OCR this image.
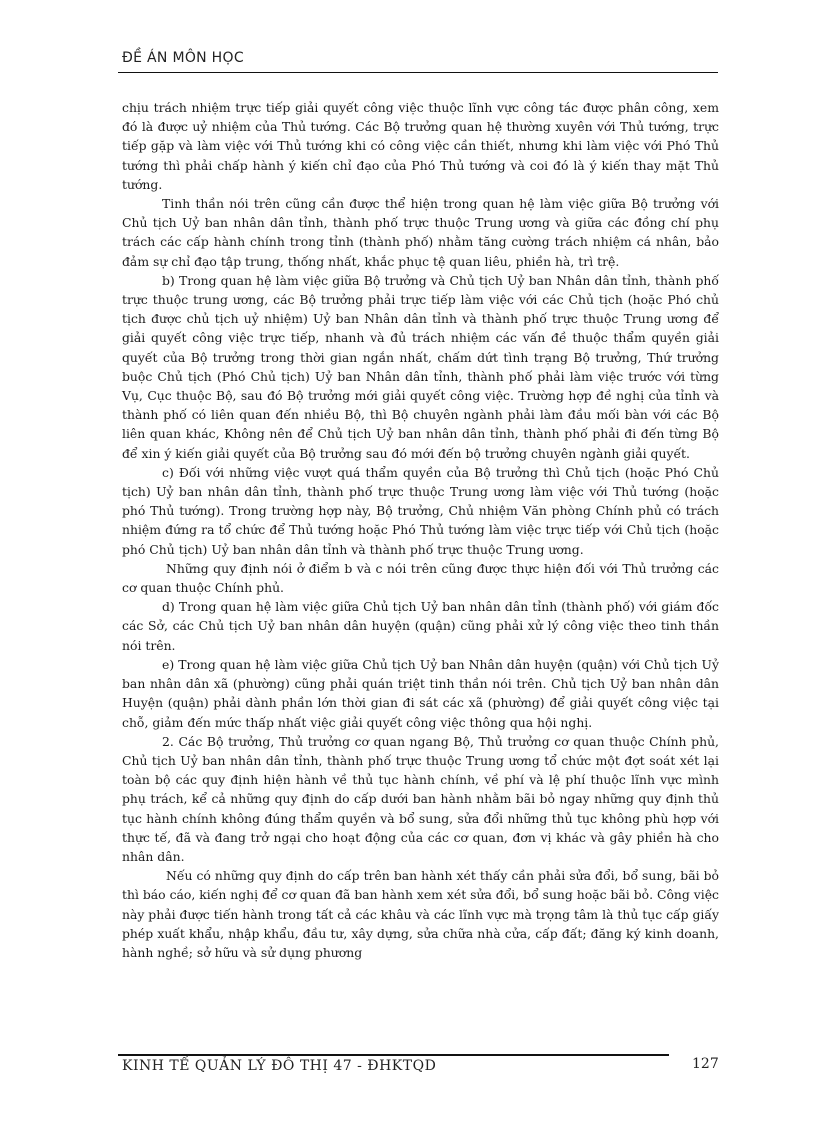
ĐỀ ÁN MÔN HỌC

chịu trách nhiệm trực tiếp giải quyết công việc thuộc lĩnh vực công tác được phân công, xem đó là được uỷ nhiệm của Thủ tướng. Các Bộ trưởng quan hệ thường xuyên với Thủ tướng, trực tiếp gặp và làm việc với Thủ tướng khi có công việc cần thiết, nhưng khi làm việc với Phó Thủ tướng thì phải chấp hành ý kiến chỉ đạo của Phó Thủ tướng và coi đó là ý kiến thay mặt Thủ tướng.

Tinh thần nói trên cũng cần được thể hiện trong quan hệ làm việc giữa Bộ trưởng với Chủ tịch Uỷ ban nhân dân tỉnh, thành phố trực thuộc Trung ương và giữa các đồng chí phụ trách các cấp hành chính trong tỉnh (thành phố) nhằm tăng cường trách nhiệm cá nhân, bảo đảm sự chỉ đạo tập trung, thống nhất, khắc phục tệ quan liêu, phiền hà, trì trệ.

b) Trong quan hệ làm việc giữa Bộ trưởng và Chủ tịch Uỷ ban Nhân dân tỉnh, thành phố trực thuộc trung ương, các Bộ trưởng phải trực tiếp làm việc với các Chủ tịch (hoặc Phó chủ tịch được chủ tịch uỷ nhiệm) Uỷ ban Nhân dân tỉnh và thành phố trực thuộc Trung ương để giải quyết công việc trực tiếp, nhanh và đủ trách nhiệm các vấn đề thuộc thẩm quyền giải quyết của Bộ trưởng trong thời gian ngắn nhất, chấm dứt tình trạng Bộ trưởng, Thứ trưởng buộc Chủ tịch (Phó Chủ tịch) Uỷ ban Nhân dân tỉnh, thành phố phải làm việc trước với từng Vụ, Cục thuộc Bộ, sau đó Bộ trưởng mới giải quyết công việc. Trường hợp đề nghị của tỉnh và thành phố có liên quan đến nhiều Bộ, thì Bộ chuyên ngành phải làm đầu mối bàn với các Bộ liên quan khác, Không nên để Chủ tịch Uỷ ban nhân dân tỉnh, thành phố phải đi đến từng Bộ để xin ý kiến giải quyết của Bộ trưởng sau đó mới đến bộ trưởng chuyên ngành giải quyết.

c) Đối với những việc vượt quá thẩm quyền của Bộ trưởng thì Chủ tịch (hoặc Phó Chủ tịch) Uỷ ban nhân dân tỉnh, thành phố trực thuộc Trung ương làm việc với Thủ tướng (hoặc phó Thủ tướng). Trong trường hợp này, Bộ trưởng, Chủ nhiệm Văn phòng Chính phủ có trách nhiệm đứng ra tổ chức để Thủ tướng hoặc Phó Thủ tướng làm việc trực tiếp với Chủ tịch (hoặc phó Chủ tịch) Uỷ ban nhân dân tỉnh và thành phố trực thuộc Trung ương.

Những quy định nói ở điểm b và c nói trên cũng được thực hiện đối với Thủ trưởng các cơ quan thuộc Chính phủ.

d) Trong quan hệ làm việc giữa Chủ tịch Uỷ ban nhân dân tỉnh (thành phố) với giám đốc các Sở, các Chủ tịch Uỷ ban nhân dân huyện (quận) cũng phải xử lý công việc theo tinh thần nói trên.

e) Trong quan hệ làm việc giữa Chủ tịch Uỷ ban Nhân dân huyện (quận) với Chủ tịch Uỷ ban nhân dân xã (phường) cũng phải quán triệt tinh thần nói trên. Chủ tịch Uỷ ban nhân dân Huyện (quận) phải dành phần lớn thời gian đi sát các xã (phường) để giải quyết công việc tại chỗ, giảm đến mức thấp nhất việc giải quyết công việc thông qua hội nghị.

2. Các Bộ trưởng, Thủ trưởng cơ quan ngang Bộ, Thủ trưởng cơ quan thuộc Chính phủ, Chủ tịch Uỷ ban nhân dân tỉnh, thành phố trực thuộc Trung ương tổ chức một đợt soát xét lại toàn bộ các quy định hiện hành về thủ tục hành chính, về phí và lệ phí thuộc lĩnh vực mình phụ trách, kể cả những quy định do cấp dưới ban hành nhằm bãi bỏ ngay những quy định thủ tục hành chính không đúng thẩm quyền và bổ sung, sửa đổi những thủ tục không phù hợp với thực tế, đã và đang trở ngại cho hoạt động của các cơ quan, đơn vị khác và gây phiền hà cho nhân dân.

Nếu có những quy định do cấp trên ban hành xét thấy cần phải sửa đổi, bổ sung, bãi bỏ thì báo cáo, kiến nghị để cơ quan đã ban hành xem xét sửa đổi, bổ sung hoặc bãi bỏ. Công việc này phải được tiến hành trong tất cả các khâu và các lĩnh vực mà trọng tâm là thủ tục cấp giấy phép xuất khẩu, nhập khẩu, đầu tư, xây dựng, sửa chữa nhà cửa, cấp đất; đăng ký kinh doanh, hành nghề; sở hữu và sử dụng phương

KINH TẾ QUẢN LÝ ĐÔ THỊ 47 - ĐHKTQD	127
